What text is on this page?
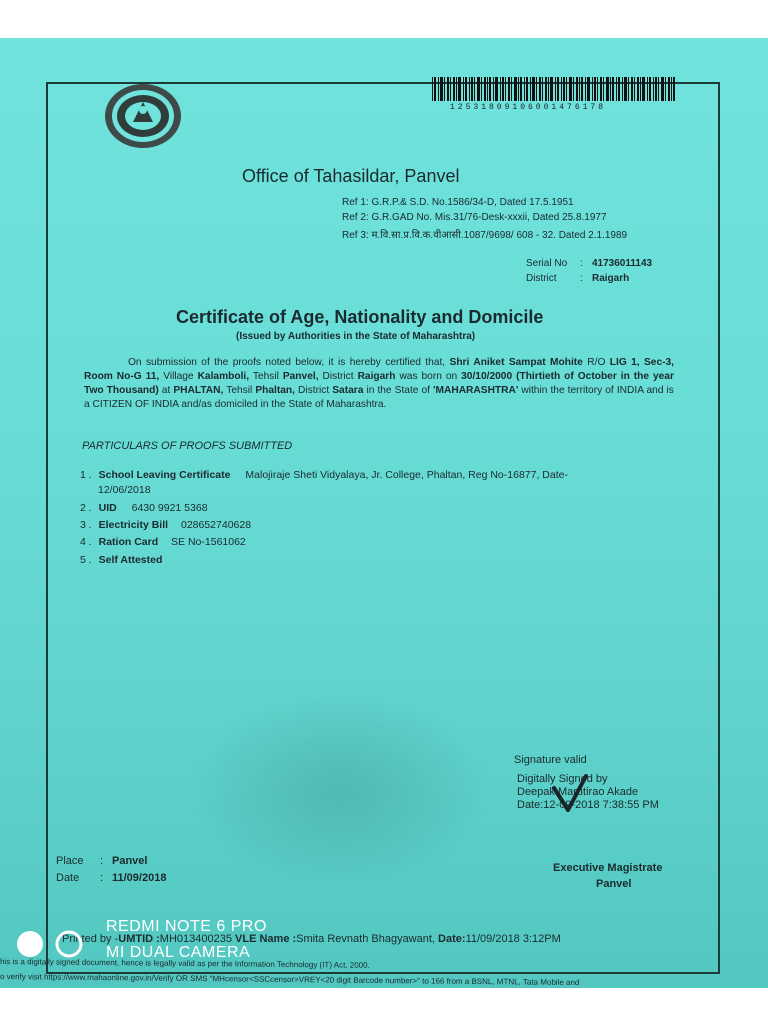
12531809106001476178
Office of Tahasildar, Panvel
Ref 1: G.R.P.& S.D. No.1586/34-D, Dated 17.5.1951
Ref 2: G.R.GAD No. Mis.31/76-Desk-xxxii, Dated 25.8.1977
Ref 3: म.वि.सा.प्र.वि.क.वीआसी.1087/9698/ 608 - 32. Dated 2.1.1989
Serial No : 41736011143
District : Raigarh
Certificate of Age, Nationality and Domicile
(Issued by Authorities in the State of Maharashtra)
On submission of the proofs noted below, it is hereby certified that, Shri Aniket Sampat Mohite R/O LIG 1, Sec-3, Room No-G 11, Village Kalamboli, Tehsil Panvel, District Raigarh was born on 30/10/2000 (Thirtieth of October in the year Two Thousand) at PHALTAN, Tehsil Phaltan, District Satara in the State of 'MAHARASHTRA' within the territory of INDIA and is a CITIZEN OF INDIA and/as domiciled in the State of Maharashtra.
PARTICULARS OF PROOFS SUBMITTED
1 . School Leaving Certificate Malojiraje Sheti Vidyalaya, Jr. College, Phaltan, Reg No-16877, Date-
12/06/2018
2 . UID 6430 9921 5368
3 . Electricity Bill 028652740628
4 . Ration Card SE No-1561062
5 . Self Attested
Signature valid
Digitally Signed by
Deepak Marutirao Akade
Date:12-09-2018 7:38:55 PM
Place : Panvel
Date : 11/09/2018
Executive Magistrate
Panvel
Printed by -UMTID :MH013400235 VLE Name :Smita Revnath Bhagyawant, Date:11/09/2018 3:12PM
his is a digitally signed document, hence is legally valid as per the Information Technology (IT) Act, 2000.
o verify visit https://www.mahaonline.gov.in/Verify OR SMS "MHcensor<SSCcensor>VREY<20 digit Barcode number>" to 166 from a BSNL, MTNL, Tata Mobile and
REDMI NOTE 6 PRO
MI DUAL CAMERA
